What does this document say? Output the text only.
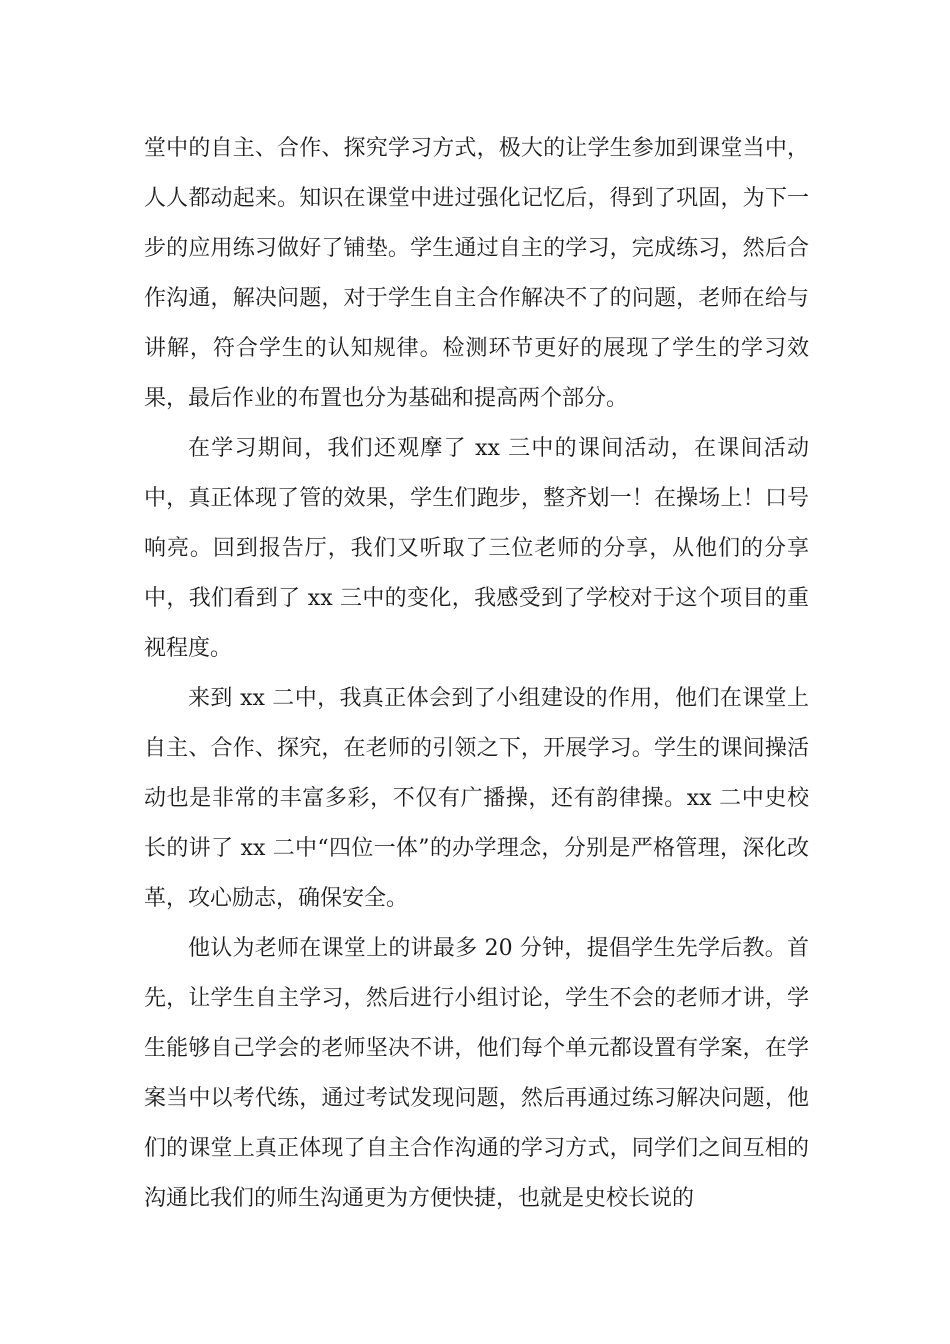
堂中的自主、合作、探究学习方式，极大的让学生参加到课堂当中，人人都动起来。知识在课堂中进过强化记忆后，得到了巩固，为下一步的应用练习做好了铺垫。学生通过自主的学习，完成练习，然后合作沟通，解决问题，对于学生自主合作解决不了的问题，老师在给与讲解，符合学生的认知规律。检测环节更好的展现了学生的学习效果，最后作业的布置也分为基础和提高两个部分。

在学习期间，我们还观摩了 xx 三中的课间活动，在课间活动中，真正体现了管的效果，学生们跑步，整齐划一！在操场上！口号响亮。回到报告厅，我们又听取了三位老师的分享，从他们的分享中，我们看到了 xx 三中的变化，我感受到了学校对于这个项目的重视程度。

来到 xx 二中，我真正体会到了小组建设的作用，他们在课堂上自主、合作、探究，在老师的引领之下，开展学习。学生的课间操活动也是非常的丰富多彩，不仅有广播操，还有韵律操。xx 二中史校长的讲了 xx 二中“四位一体”的办学理念，分别是严格管理，深化改革，攻心励志，确保安全。

他认为老师在课堂上的讲最多 20 分钟，提倡学生先学后教。首先，让学生自主学习，然后进行小组讨论，学生不会的老师才讲，学生能够自己学会的老师坚决不讲，他们每个单元都设置有学案，在学案当中以考代练，通过考试发现问题，然后再通过练习解决问题，他们的课堂上真正体现了自主合作沟通的学习方式，同学们之间互相的沟通比我们的师生沟通更为方便快捷，也就是史校长说的
